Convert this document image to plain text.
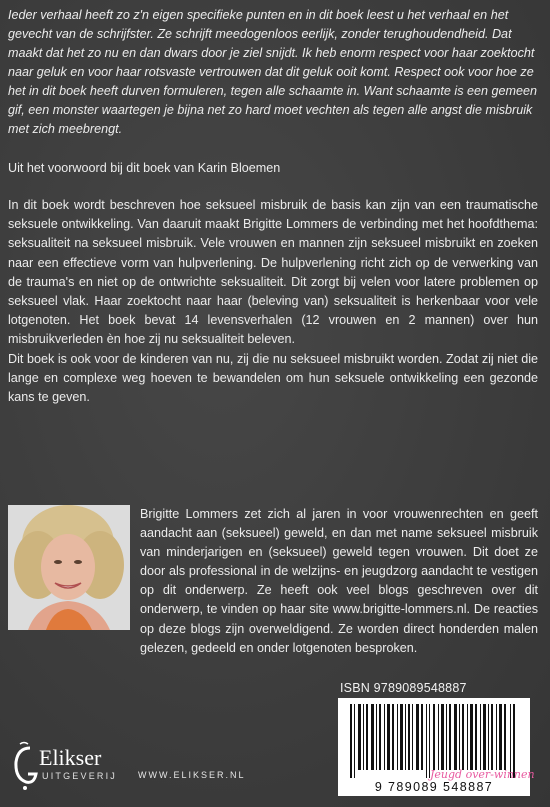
Ieder verhaal heeft zo z'n eigen specifieke punten en in dit boek leest u het verhaal en het gevecht van de schrijfster. Ze schrijft meedogenloos eerlijk, zonder terughoudendheid. Dat maakt dat het zo nu en dan dwars door je ziel snijdt. Ik heb enorm respect voor haar zoektocht naar geluk en voor haar rotsvaste vertrouwen dat dit geluk ooit komt. Respect ook voor hoe ze het in dit boek heeft durven formuleren, tegen alle schaamte in. Want schaamte is een gemeen gif, een monster waartegen je bijna net zo hard moet vechten als tegen alle angst die misbruik met zich meebrengt.
Uit het voorwoord bij dit boek van Karin Bloemen

In dit boek wordt beschreven hoe seksueel misbruik de basis kan zijn van een traumatische seksuele ontwikkeling. Van daaruit maakt Brigitte Lommers de verbinding met het hoofdthema: seksualiteit na seksueel misbruik. Vele vrouwen en mannen zijn seksueel misbruikt en zoeken naar een effectieve vorm van hulpverlening. De hulpverlening richt zich op de verwerking van de trauma's en niet op de ontwrichte seksualiteit. Dit zorgt bij velen voor latere problemen op seksueel vlak. Haar zoektocht naar haar (beleving van) seksualiteit is herkenbaar voor vele lotgenoten. Het boek bevat 14 levensverhalen (12 vrouwen en 2 mannen) over hun misbruikverleden èn hoe zij nu seksualiteit beleven.

Dit boek is ook voor de kinderen van nu, zij die nu seksueel misbruikt worden. Zodat zij niet die lange en complexe weg hoeven te bewandelen om hun seksuele ontwikkeling een gezonde kans te geven.

Brigitte Lommers zet zich al jaren in voor vrouwenrechten en geeft aandacht aan (seksueel) geweld, en dan met name seksueel misbruik van minderjarigen en (seksueel) geweld tegen vrouwen. Dit doet ze door als professional in de welzijns- en jeugdzorg aandacht te vestigen op dit onderwerp. Ze heeft ook veel blogs geschreven over dit onderwerp, te vinden op haar site www.brigitte-lommers.nl. De reacties op deze blogs zijn overweldigend. Ze worden direct honderden malen gelezen, gedeeld en onder lotgenoten besproken.
ISBN 9789089548887
9 789089 548887
Elikser
UITGEVERIJ WWW.ELIKSER.NL	Jeugd over-winnen
